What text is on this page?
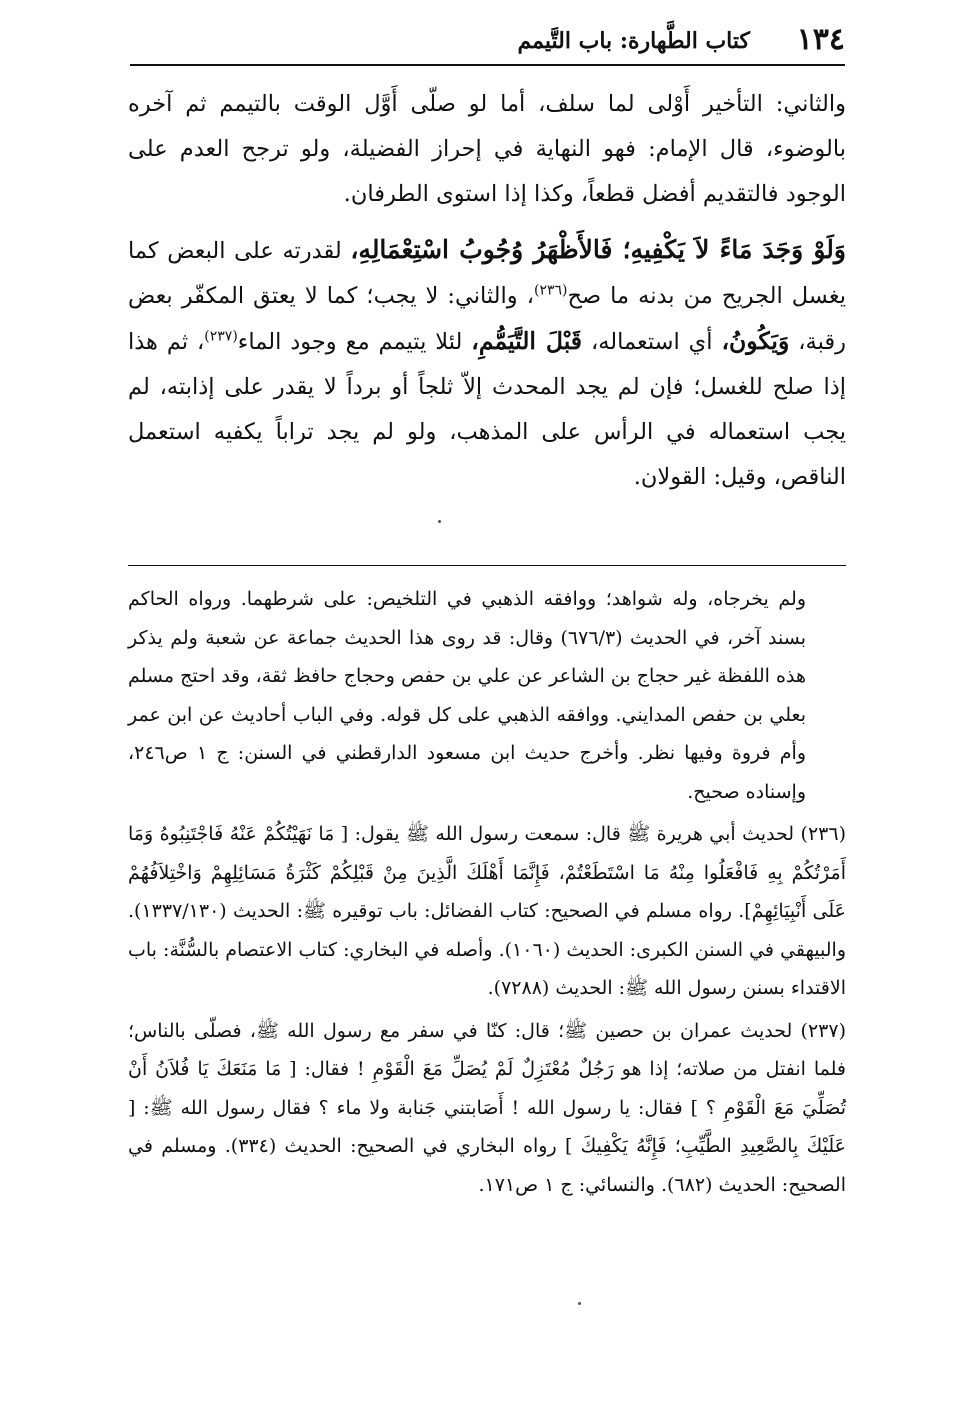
١٣٤
كتاب الطَّهارة: باب التَّيمم

والثاني: التأخير أَوْلى لما سلف، أما لو صلّى أَوَّل الوقت بالتيمم ثم آخره بالوضوء، قال الإمام: فهو النهاية في إحراز الفضيلة، ولو ترجح العدم على الوجود فالتقديم أفضل قطعاً، وكذا إذا استوى الطرفان.

وَلَوْ وَجَدَ مَاءً لاَ يَكْفِيهِ؛ فَالأَظْهَرُ وُجُوبُ اسْتِعْمَالِهِ، لقدرته على البعض كما يغسل الجريح من بدنه ما صح$^{(٢٣٦)}$، والثاني: لا يجب؛ كما لا يعتق المكفّر بعض رقبة، وَيَكُونُ، أي استعماله، قَبْلَ التَّيَمُّمِ، لئلا يتيمم مع وجود الماء$^{(٢٣٧)}$، ثم هذا إذا صلح للغسل؛ فإن لم يجد المحدث إلاّ ثلجاً أو برداً لا يقدر على إذابته، لم يجب استعماله في الرأس على المذهب، ولو لم يجد تراباً يكفيه استعمل الناقص، وقيل: القولان.

ولم يخرجاه، وله شواهد؛ ووافقه الذهبي في التلخيص: على شرطهما. ورواه الحاكم بسند آخر، في الحديث (٦٧٦/٣) وقال: قد روى هذا الحديث جماعة عن شعبة ولم يذكر هذه اللفظة غير حجاج بن الشاعر عن علي بن حفص وحجاج حافظ ثقة، وقد احتج مسلم بعلي بن حفص المدايني. ووافقه الذهبي على كل قوله. وفي الباب أحاديث عن ابن عمر وأم فروة وفيها نظر. وأخرج حديث ابن مسعود الدارقطني في السنن: ج ١ ص٢٤٦، وإسناده صحيح.

(٢٣٦) لحديث أبي هريرة ﷺ قال: سمعت رسول الله ﷺ يقول: [ مَا نَهَيْتُكُمْ عَنْهُ فَاجْتَنِبُوهُ وَمَا أَمَرْتُكُمْ بِهِ فَافْعَلُوا مِنْهُ مَا اسْتَطَعْتُمْ، فَإِنَّمَا أَهْلَكَ الَّذِينَ مِنْ قَبْلِكُمْ كَثْرَةُ مَسَائِلِهِمْ وَاخْتِلاَفُهُمْ عَلَى أَنْبِيَائِهِمْ]. رواه مسلم في الصحيح: كتاب الفضائل: باب توقيره ﷺ: الحديث (١٣٣٧/١٣٠). والبيهقي في السنن الكبرى: الحديث (١٠٦٠). وأصله في البخاري: كتاب الاعتصام بالسُّنَّة: باب الاقتداء بسنن رسول الله ﷺ: الحديث (٧٢٨٨).

(٢٣٧) لحديث عمران بن حصين ﷺ؛ قال: كنّا في سفر مع رسول الله ﷺ، فصلّى بالناس؛ فلما انفتل من صلاته؛ إذا هو رَجُلٌ مُعْتَزِلٌ لَمْ يُصَلِّ مَعَ الْقَوْمِ ! فقال: [ مَا مَنَعَكَ يَا فُلاَنُ أَنْ تُصَلِّيَ مَعَ الْقَوْمِ ؟ ] فقال: يا رسول الله ! أَصَابتني جَنابة ولا ماء ؟ فقال رسول الله ﷺ: [ عَلَيْكَ بِالصَّعِيدِ الطَّيِّبِ؛ فَإِنَّهُ يَكْفِيكَ ] رواه البخاري في الصحيح: الحديث (٣٣٤). ومسلم في الصحيح: الحديث (٦٨٢). والنسائي: ج ١ ص١٧١.
